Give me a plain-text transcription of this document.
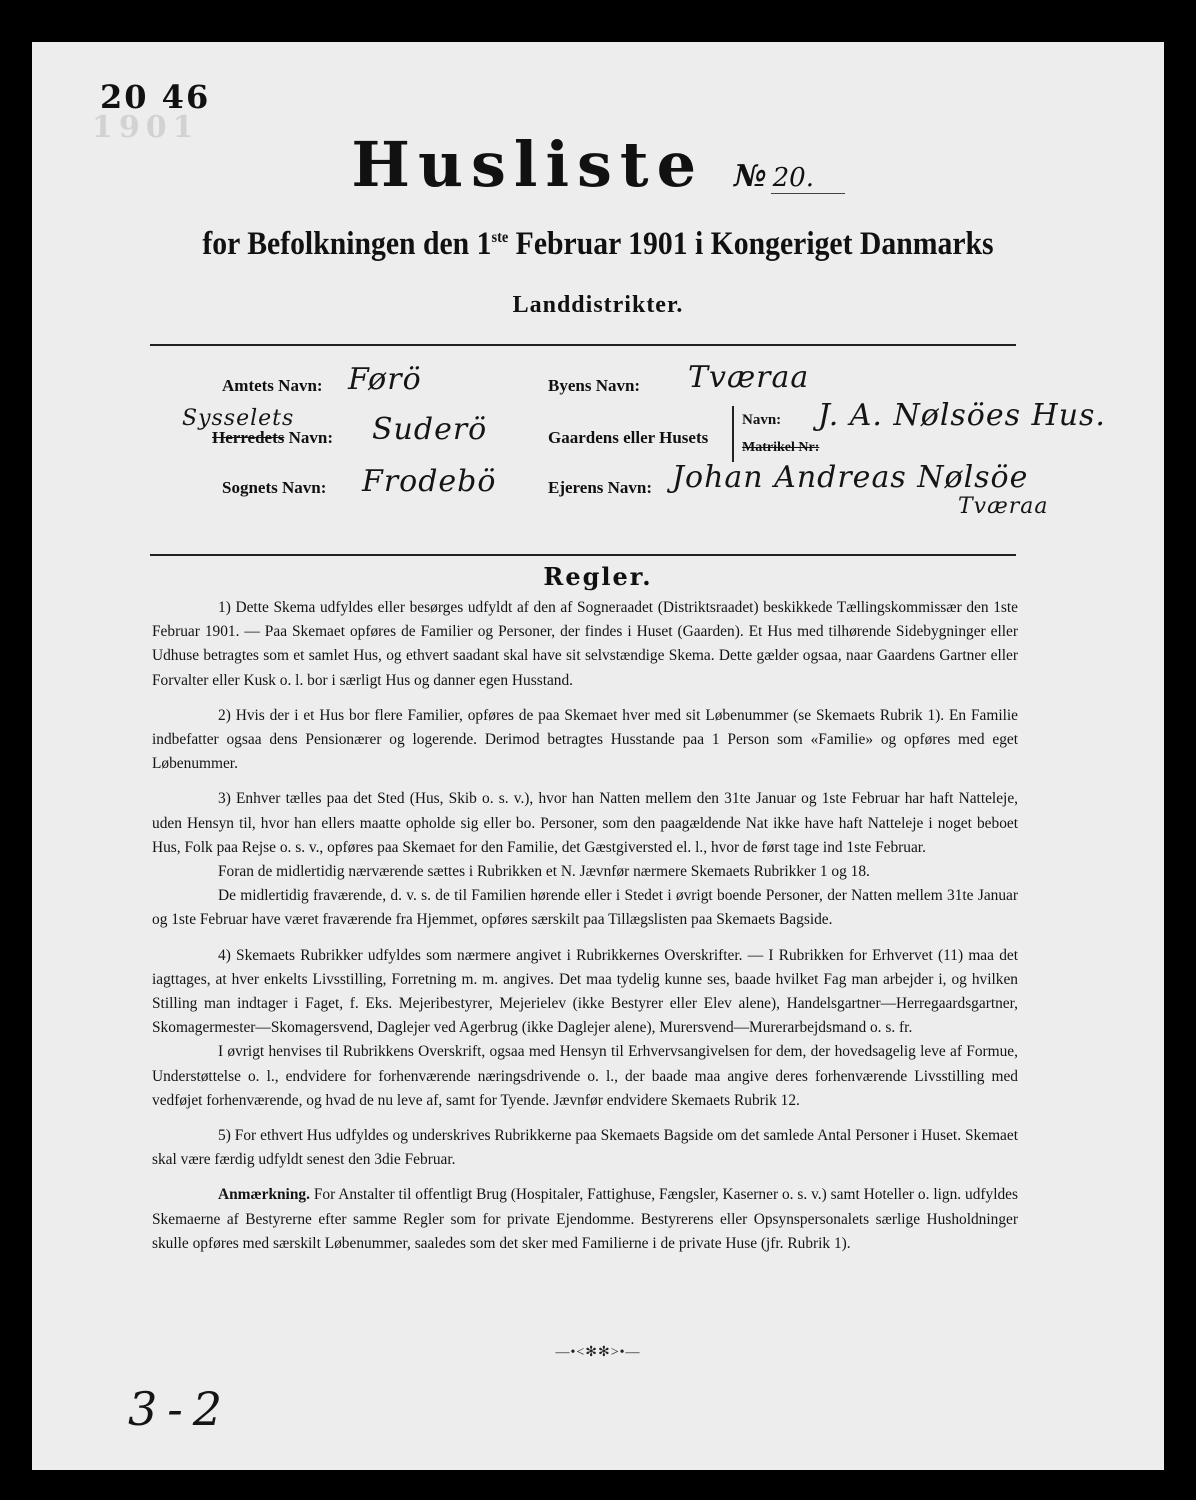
20 46
1901
Husliste № 20.
for Befolkningen den 1ste Februar 1901 i Kongeriget Danmarks
Landdistrikter.
Amtets Navn: Førö
Sysselets
Herredets Navn: Suderö
Sognets Navn: Frodebö
Byens Navn: Tværaa
Gaardens eller Husets
Navn: J. A. Nølsöes Hus.
Matrikel Nr:
Ejerens Navn: Johan Andreas Nølsöe
Tværaa
Regler.

1) Dette Skema udfyldes eller besørges udfyldt af den af Sogneraadet (Distriktsraadet) beskikkede Tællingskommissær den 1ste Februar 1901. — Paa Skemaet opføres de Familier og Personer, der findes i Huset (Gaarden). Et Hus med tilhørende Sidebygninger eller Udhuse betragtes som et samlet Hus, og ethvert saadant skal have sit selvstændige Skema. Dette gælder ogsaa, naar Gaardens Gartner eller Forvalter eller Kusk o. l. bor i særligt Hus og danner egen Husstand.

2) Hvis der i et Hus bor flere Familier, opføres de paa Skemaet hver med sit Løbenummer (se Skemaets Rubrik 1). En Familie indbefatter ogsaa dens Pensionærer og logerende. Derimod betragtes Husstande paa 1 Person som «Familie» og opføres med eget Løbenummer.

3) Enhver tælles paa det Sted (Hus, Skib o. s. v.), hvor han Natten mellem den 31te Januar og 1ste Februar har haft Natteleje, uden Hensyn til, hvor han ellers maatte opholde sig eller bo. Personer, som den paagældende Nat ikke have haft Natteleje i noget beboet Hus, Folk paa Rejse o. s. v., opføres paa Skemaet for den Familie, det Gæstgiversted el. l., hvor de først tage ind 1ste Februar.

Foran de midlertidig nærværende sættes i Rubrikken et N. Jævnfør nærmere Skemaets Rubrikker 1 og 18.

De midlertidig fraværende, d. v. s. de til Familien hørende eller i Stedet i øvrigt boende Personer, der Natten mellem 31te Januar og 1ste Februar have været fraværende fra Hjemmet, opføres særskilt paa Tillægslisten paa Skemaets Bagside.

4) Skemaets Rubrikker udfyldes som nærmere angivet i Rubrikkernes Overskrifter. — I Rubrikken for Erhvervet (11) maa det iagttages, at hver enkelts Livsstilling, Forretning m. m. angives. Det maa tydelig kunne ses, baade hvilket Fag man arbejder i, og hvilken Stilling man indtager i Faget, f. Eks. Mejeribestyrer, Mejerielev (ikke Bestyrer eller Elev alene), Handelsgartner—Herregaardsgartner, Skomagermester—Skomagersvend, Daglejer ved Agerbrug (ikke Daglejer alene), Murersvend—Murerarbejdsmand o. s. fr.

I øvrigt henvises til Rubrikkens Overskrift, ogsaa med Hensyn til Erhvervsangivelsen for dem, der hovedsagelig leve af Formue, Understøttelse o. l., endvidere for forhenværende næringsdrivende o. l., der baade maa angive deres forhenværende Livsstilling med vedføjet forhenværende, og hvad de nu leve af, samt for Tyende. Jævnfør endvidere Skemaets Rubrik 12.

5) For ethvert Hus udfyldes og underskrives Rubrikkerne paa Skemaets Bagside om det samlede Antal Personer i Huset. Skemaet skal være færdig udfyldt senest den 3die Februar.

Anmærkning. For Anstalter til offentligt Brug (Hospitaler, Fattighuse, Fængsler, Kaserner o. s. v.) samt Hoteller o. lign. udfyldes Skemaerne af Bestyrerne efter samme Regler som for private Ejendomme. Bestyrerens eller Opsynspersonalets særlige Husholdninger skulle opføres med særskilt Løbenummer, saaledes som det sker med Familierne i de private Huse (jfr. Rubrik 1).

—•<✻✻>•—
3-2
